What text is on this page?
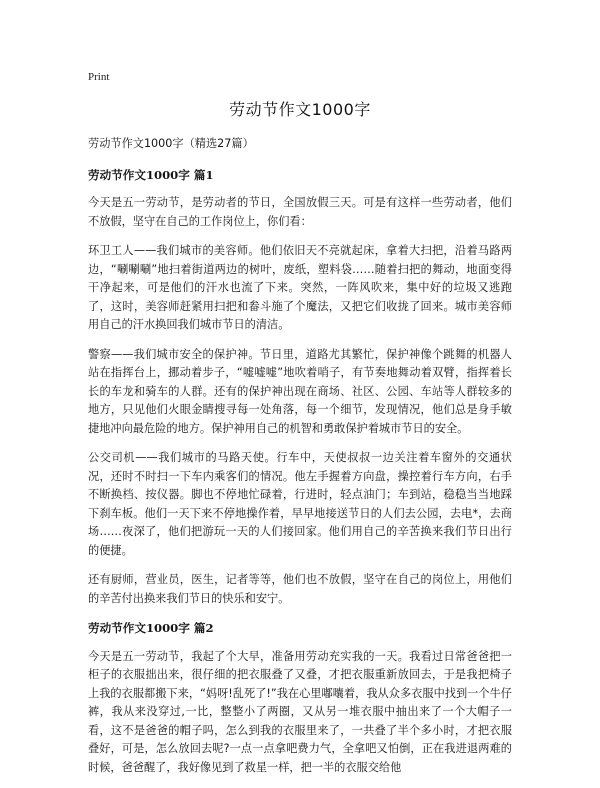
Print
劳动节作文1000字

劳动节作文1000字（精选27篇）

劳动节作文1000字 篇1

今天是五一劳动节，是劳动者的节日，全国放假三天。可是有这样一些劳动者，他们不放假，坚守在自己的工作岗位上，你们看：

环卫工人——我们城市的美容师。他们依旧天不亮就起床，拿着大扫把，沿着马路两边，“唰唰唰”地扫着街道两边的树叶，废纸，塑料袋……随着扫把的舞动，地面变得干净起来，可是他们的汗水也流了下来。突然，一阵风吹来，集中好的垃圾又逃跑了，这时，美容师赶紧用扫把和畚斗施了个魔法，又把它们收拢了回来。城市美容师用自己的汗水换回我们城市节日的清洁。

警察——我们城市安全的保护神。节日里，道路尤其繁忙，保护神像个跳舞的机器人站在指挥台上，挪动着步子，“嘘嘘嘘”地吹着哨子，有节奏地舞动着双臂，指挥着长长的车龙和骑车的人群。还有的保护神出现在商场、社区、公园、车站等人群较多的地方，只见他们火眼金睛搜寻每一处角落，每一个细节，发现情况，他们总是身手敏捷地冲向最危险的地方。保护神用自己的机智和勇敢保护着城市节日的安全。

公交司机——我们城市的马路天使。行车中，天使叔叔一边关注着车窗外的交通状况，还时不时扫一下车内乘客们的情况。他左手握着方向盘，操控着行车方向，右手不断换档、按仪器。脚也不停地忙碌着，行进时，轻点油门；车到站，稳稳当当地踩下刹车板。他们一天下来不停地操作着，早早地接送节日的人们去公园，去电*，去商场……夜深了，他们把游玩一天的人们接回家。他们用自己的辛苦换来我们节日出行的便捷。

还有厨师，营业员，医生，记者等等，他们也不放假，坚守在自己的岗位上，用他们的辛苦付出换来我们节日的快乐和安宁。

劳动节作文1000字 篇2

今天是五一劳动节，我起了个大早，准备用劳动充实我的一天。我看过日常爸爸把一柜子的衣服拙出来，很仔细的把衣服叠了又叠，才把衣服重新放回去，于是我把椅子上我的衣服都搬下来，“妈呀!乱死了!”我在心里嘟囔着，我从众多衣服中找到一个牛仔裤，我从来没穿过,一比，整整小了两圈，又从另一堆衣服中抽出来了一个大帽子一看，这不是爸爸的帽子吗，怎么到我的衣服里来了，一共叠了半个多小时，才把衣服叠好，可是，怎么放回去呢?一点一点拿吧费力气，全拿吧又怕倒，正在我进退两难的时候，爸爸醒了，我好像见到了救星一样，把一半的衣服交给他
